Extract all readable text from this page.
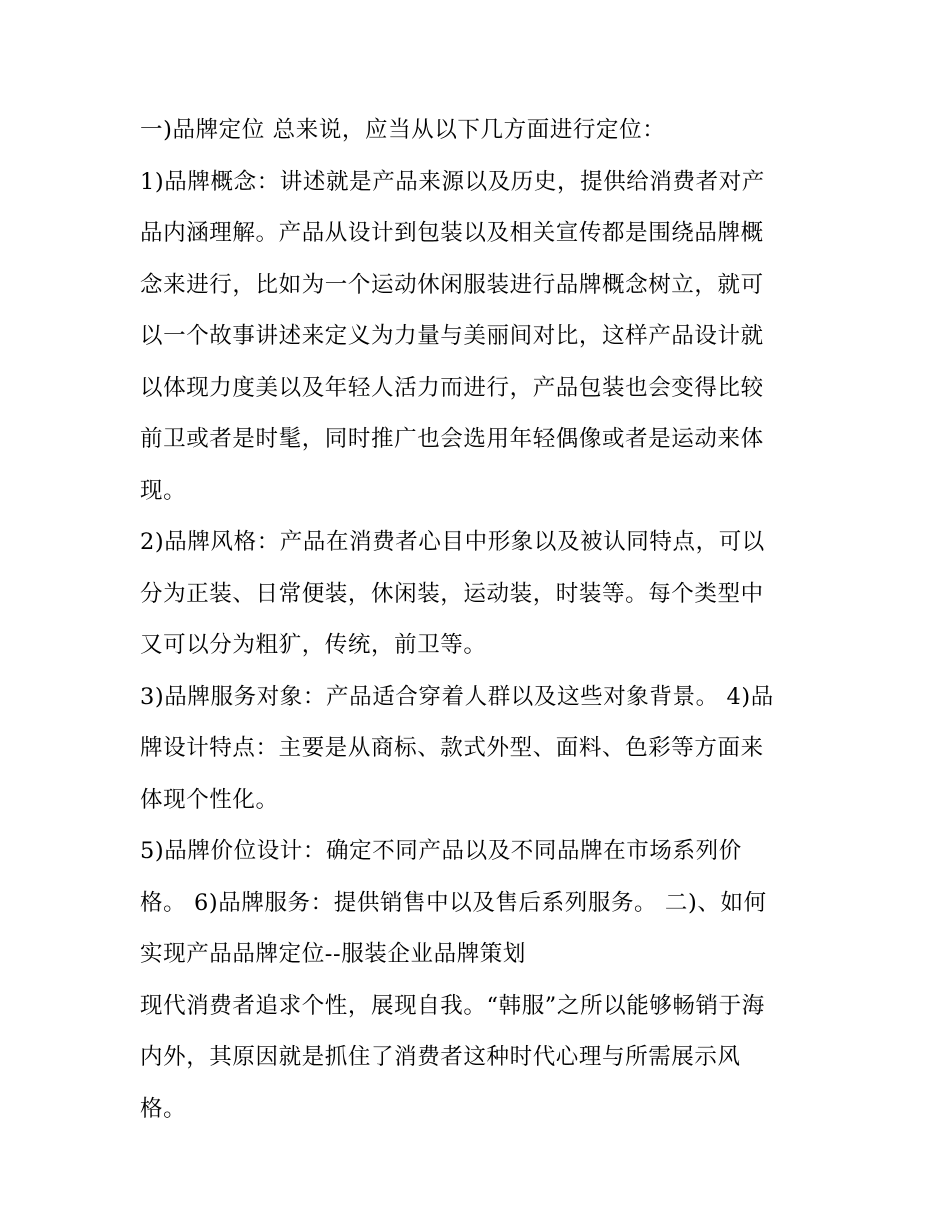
一)品牌定位 总来说，应当从以下几方面进行定位：

1)品牌概念：讲述就是产品来源以及历史，提供给消费者对产
品内涵理解。产品从设计到包装以及相关宣传都是围绕品牌概
念来进行，比如为一个运动休闲服装进行品牌概念树立，就可
以一个故事讲述来定义为力量与美丽间对比，这样产品设计就
以体现力度美以及年轻人活力而进行，产品包装也会变得比较
前卫或者是时髦，同时推广也会选用年轻偶像或者是运动来体
现。

2)品牌风格：产品在消费者心目中形象以及被认同特点，可以
分为正装、日常便装，休闲装，运动装，时装等。每个类型中
又可以分为粗犷，传统，前卫等。

3)品牌服务对象：产品适合穿着人群以及这些对象背景。 4)品
牌设计特点：主要是从商标、款式外型、面料、色彩等方面来
体现个性化。

5)品牌价位设计：确定不同产品以及不同品牌在市场系列价
格。 6)品牌服务：提供销售中以及售后系列服务。 二)、如何
实现产品品牌定位--服装企业品牌策划

现代消费者追求个性，展现自我。“韩服”之所以能够畅销于海
内外，其原因就是抓住了消费者这种时代心理与所需展示风
格。
